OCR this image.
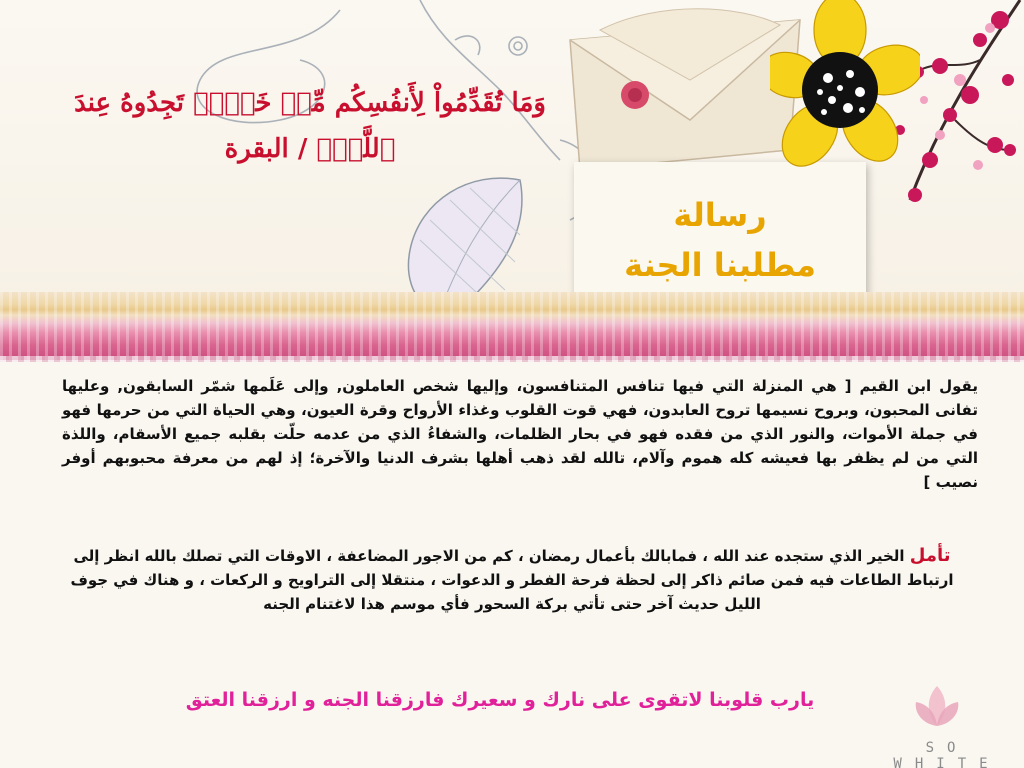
وَمَا تُقَدِّمُواْ لِأَنفُسِكُم مِّنۡ خَيۡرٖ تَجِدُوهُ عِندَ
ٱللَّهِۗ / البقرة
رسالة
مطلبنا الجنة
يقول ابن القيم [ هي المنزلة التي فيها تنافس المتنافسون، وإليها شخص العاملون, وإلى عَلَمها شمّر السابقون, وعليها تفانى المحبون، وبروح نسيمها تروح العابدون، فهي قوت القلوب وغذاء الأرواح وقرة العيون، وهي الحياة التي من حرمها فهو في جملة الأموات، والنور الذي من فقده فهو في بحار الظلمات، والشفاءُ الذي من عدمه حلّت بقلبه جميع الأسقام، واللذة التي من لم يظفر بها فعيشه كله هموم وآلام، تالله لقد ذهب أهلها بشرف الدنيا والآخرة؛ إذ لهم من معرفة محبوبهم أوفر نصيب ]
تأمل الخير الذي ستجده عند الله ، فمابالك بأعمال رمضان ، كم من الاجور المضاعفة ، الاوقات التي تصلك بالله انظر إلى ارتباط الطاعات فيه فمن صائم ذاكر إلى لحظة فرحة الفطر و الدعوات ، منتقلا إلى التراويح و الركعات ، و هناك في جوف الليل حديث آخر حتى تأتي بركة السحور فأي موسم هذا لاغتنام الجنه
يارب قلوبنا لاتقوى على نارك و سعيرك فارزقنا الجنه و ارزقنا العتق
SO WHITE
